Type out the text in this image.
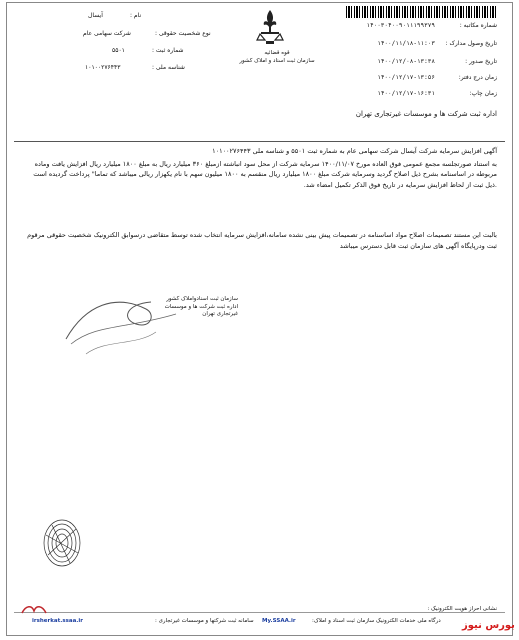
شماره مکاتبه :
۱۴۰۰۳۰۴۰۰۹۰۱۱۱۹۹۳۷۹
تاریخ وصول مدارک :
۱۴۰۰/۱۱/۱۸-۱۱:۰۳
تاریخ صدور :
۱۴۰۰/۱۲/۰۸-۱۳:۳۸
زمان درج دفتر:
۱۴۰۰/۱۲/۱۷-۱۳:۵۶
زمان چاپ:
۱۴۰۰/۱۲/۱۷-۱۶:۳۱
قوه قضائیه
سازمان ثبت اسناد و املاک کشور
نام :
آیسال
نوع شخصیت حقوقی :
شرکت سهامی عام
شماره ثبت :
۵۵۰۱
شناسه ملی :
۱۰۱۰۰۲۷۶۴۴۳
اداره ثبت شرکت ها و موسسات غیرتجاری تهران

آگهی افزایش سرمایه شرکت آیسال شرکت سهامی عام به شماره ثبت ۵۵۰۱ و شناسه ملی ۱۰۱۰۰۲۷۶۴۴۳

به استناد صورتجلسه مجمع عمومی فوق العاده مورخ ۱۴۰۰/۱۱/۰۷ سرمایه شرکت از محل سود انباشته ازمبلغ ۳۶۰ میلیارد ریال به مبلغ ۱۸۰۰ میلیارد ریال افزایش یافت وماده مربوطه در اساسنامه بشرح ذیل اصلاح گردید وسرمایه شرکت مبلغ ۱۸۰۰ میلیارد ریال منقسم به ۱۸۰۰ میلیون سهم با نام یکهزار ریالی میباشد که تماما" پرداخت گردیده است .ذیل ثبت از لحاظ افزایش سرمایه در تاریخ فوق الذکر تکمیل امضاء شد.

بالبت این مستند تصمیمات اصلاح مواد اساسنامه در تصمیمات پیش بینی نشده سامانه،افزایش سرمایه انتخاب شده توسط متقاضی درسوابق الکترونیک شخصیت حقوقی مرقوم ثبت ودرپایگاه آگهی های سازمان ثبت قابل دسترس میباشد

سازمان ثبت اسنادواملاک کشور
اداره ثبت شرکت ها و موسسات غیرتجاری تهران
نشانی احراز هویت الکترونیک :
سامانه ثبت شرکتها و موسسات غیرتجاری :
irsherkat.ssaa.ir	My.SSAA.ir	درگاه ملی خدمات الکترونیک سازمان ثبت اسناد و املاک: بورس نیوز
